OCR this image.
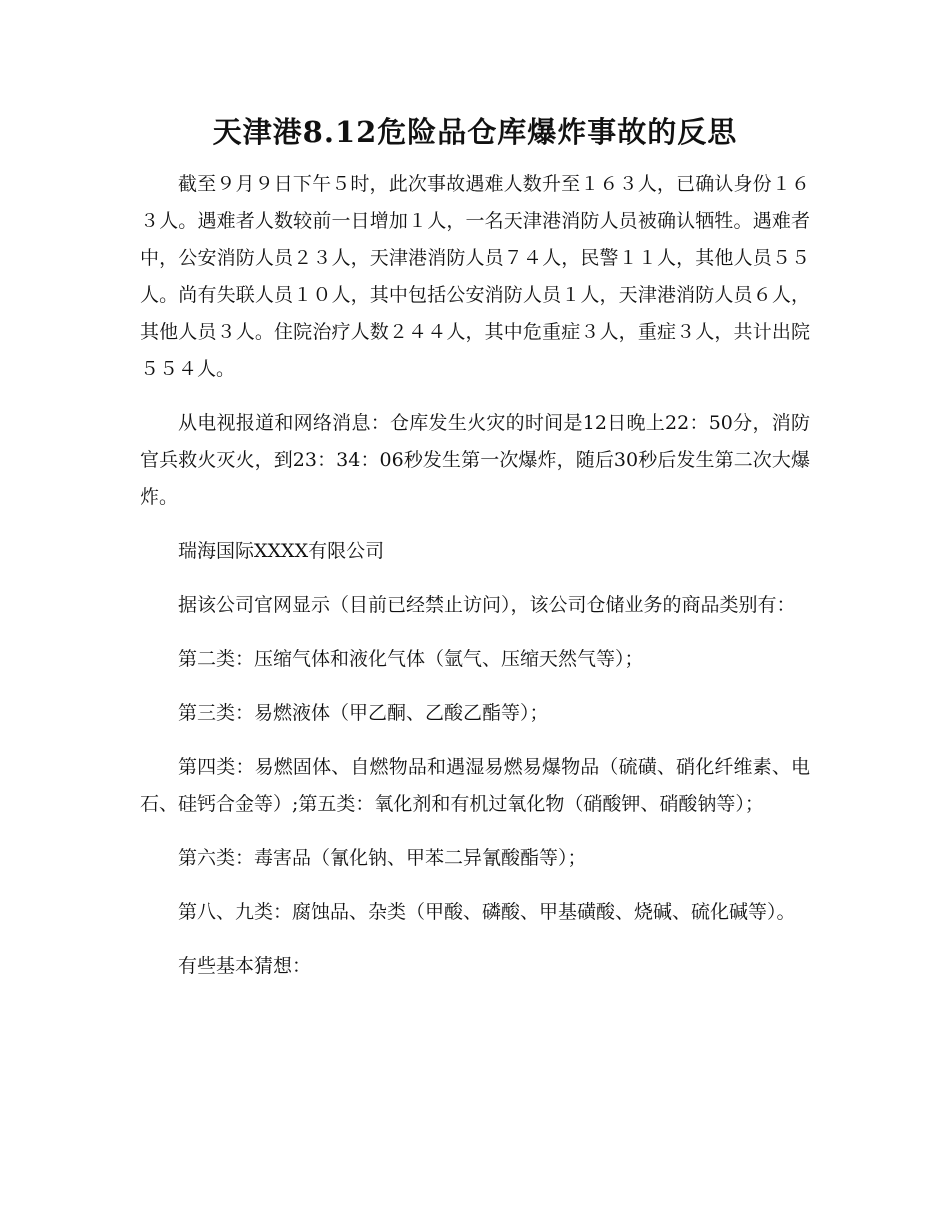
天津港8.12危险品仓库爆炸事故的反思

截至９月９日下午５时，此次事故遇难人数升至１６３人，已确认身份１６３人。遇难者人数较前一日增加１人，一名天津港消防人员被确认牺牲。遇难者中，公安消防人员２３人，天津港消防人员７４人，民警１１人，其他人员５５人。尚有失联人员１０人，其中包括公安消防人员１人，天津港消防人员６人，其他人员３人。住院治疗人数２４４人，其中危重症３人，重症３人，共计出院５５４人。

从电视报道和网络消息：仓库发生火灾的时间是12日晚上22：50分，消防官兵救火灭火，到23：34：06秒发生第一次爆炸，随后30秒后发生第二次大爆炸。

瑞海国际XXXX有限公司

据该公司官网显示（目前已经禁止访问），该公司仓储业务的商品类别有：

第二类：压缩气体和液化气体（氩气、压缩天然气等）；

第三类：易燃液体（甲乙酮、乙酸乙酯等）；

第四类：易燃固体、自燃物品和遇湿易燃易爆物品（硫磺、硝化纤维素、电石、硅钙合金等）;第五类：氧化剂和有机过氧化物（硝酸钾、硝酸钠等）；

第六类：毒害品（氰化钠、甲苯二异氰酸酯等）；

第八、九类：腐蚀品、杂类（甲酸、磷酸、甲基磺酸、烧碱、硫化碱等）。

有些基本猜想：
